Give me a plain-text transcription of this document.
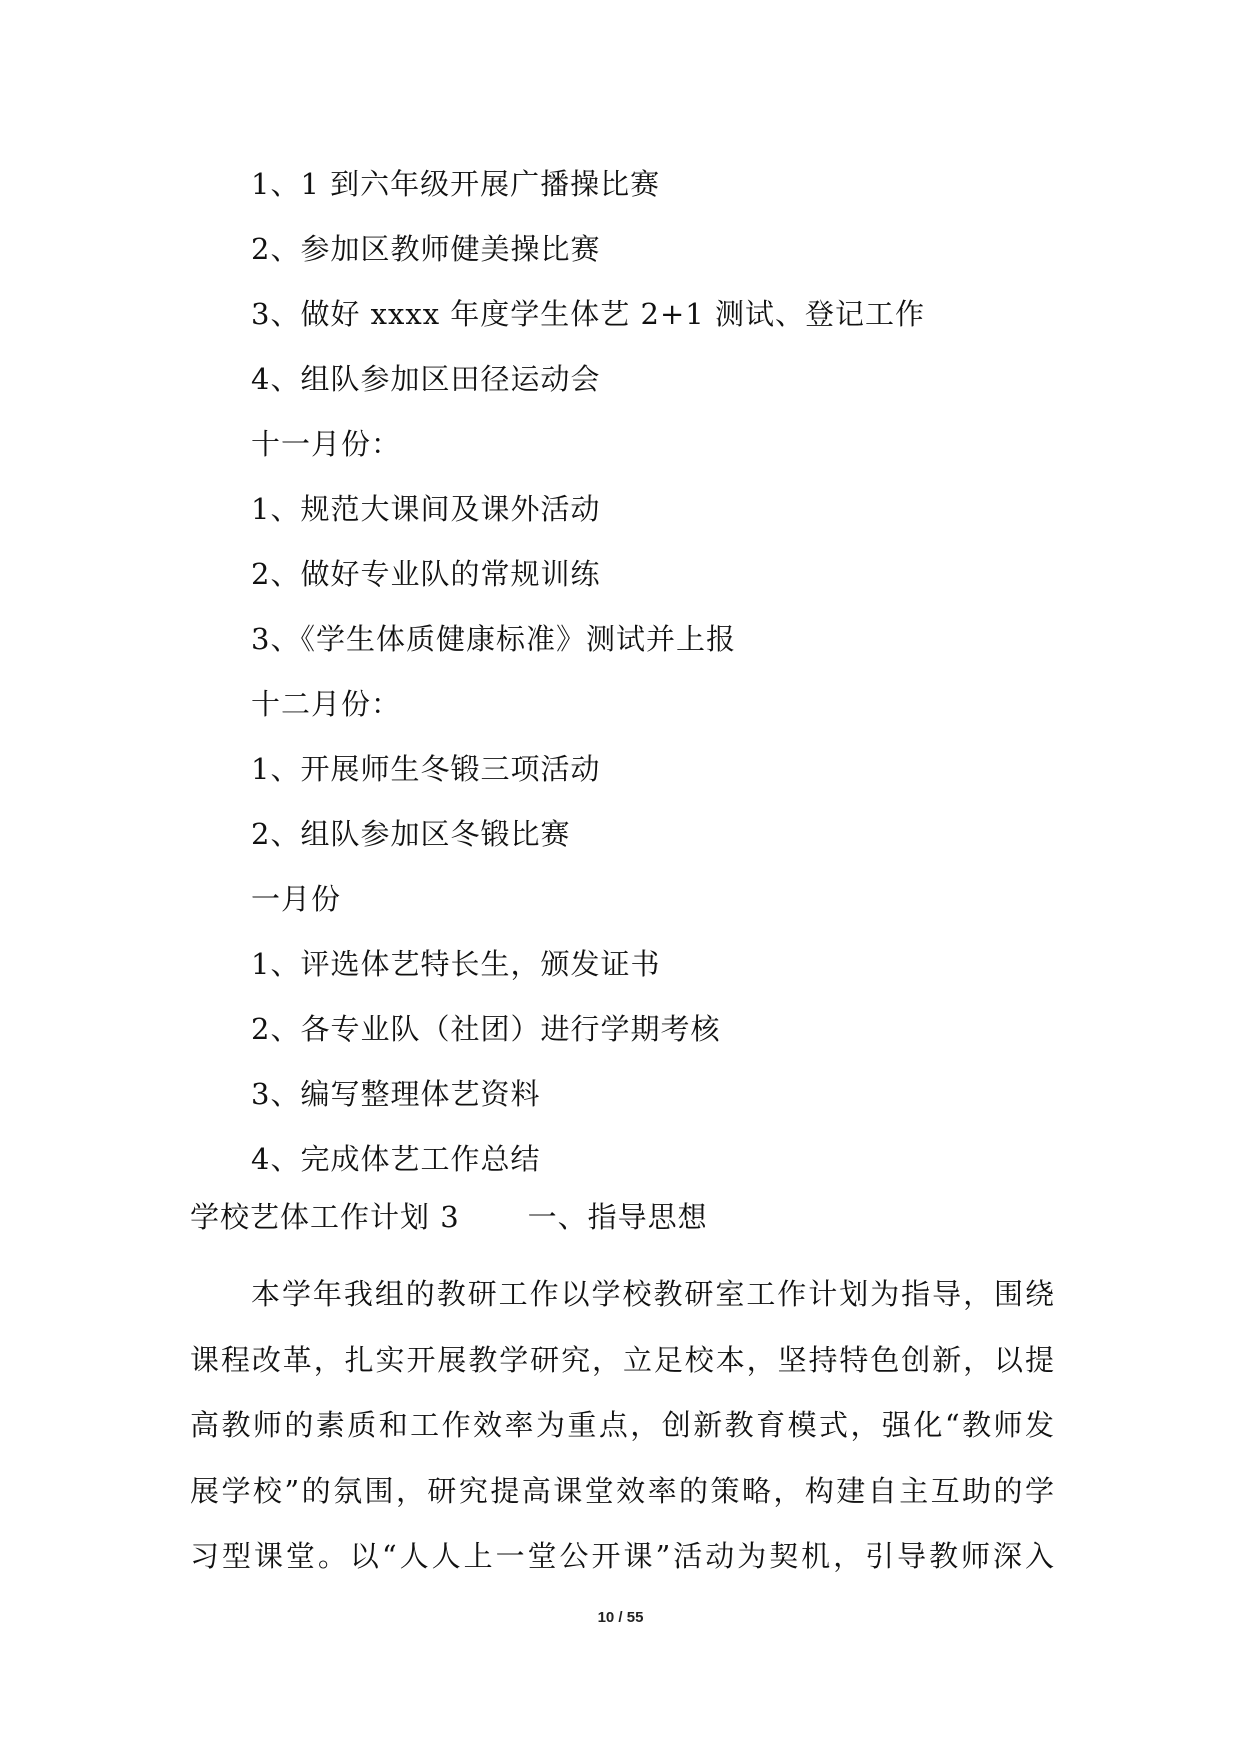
1、1 到六年级开展广播操比赛

2、参加区教师健美操比赛

3、做好 xxxx 年度学生体艺 2+1 测试、登记工作

4、组队参加区田径运动会

十一月份：

1、规范大课间及课外活动

2、做好专业队的常规训练

3、《学生体质健康标准》测试并上报

十二月份：

1、开展师生冬锻三项活动

2、组队参加区冬锻比赛

一月份

1、评选体艺特长生，颁发证书

2、各专业队（社团）进行学期考核

3、编写整理体艺资料

4、完成体艺工作总结

学校艺体工作计划 3 一、指导思想

本学年我组的教研工作以学校教研室工作计划为指导，围绕
课程改革，扎实开展教学研究，立足校本，坚持特色创新，以提
高教师的素质和工作效率为重点，创新教育模式，强化“教师发
展学校”的氛围，研究提高课堂效率的策略，构建自主互助的学
习型课堂。以“人人上一堂公开课”活动为契机，引导教师深入
10 / 55
